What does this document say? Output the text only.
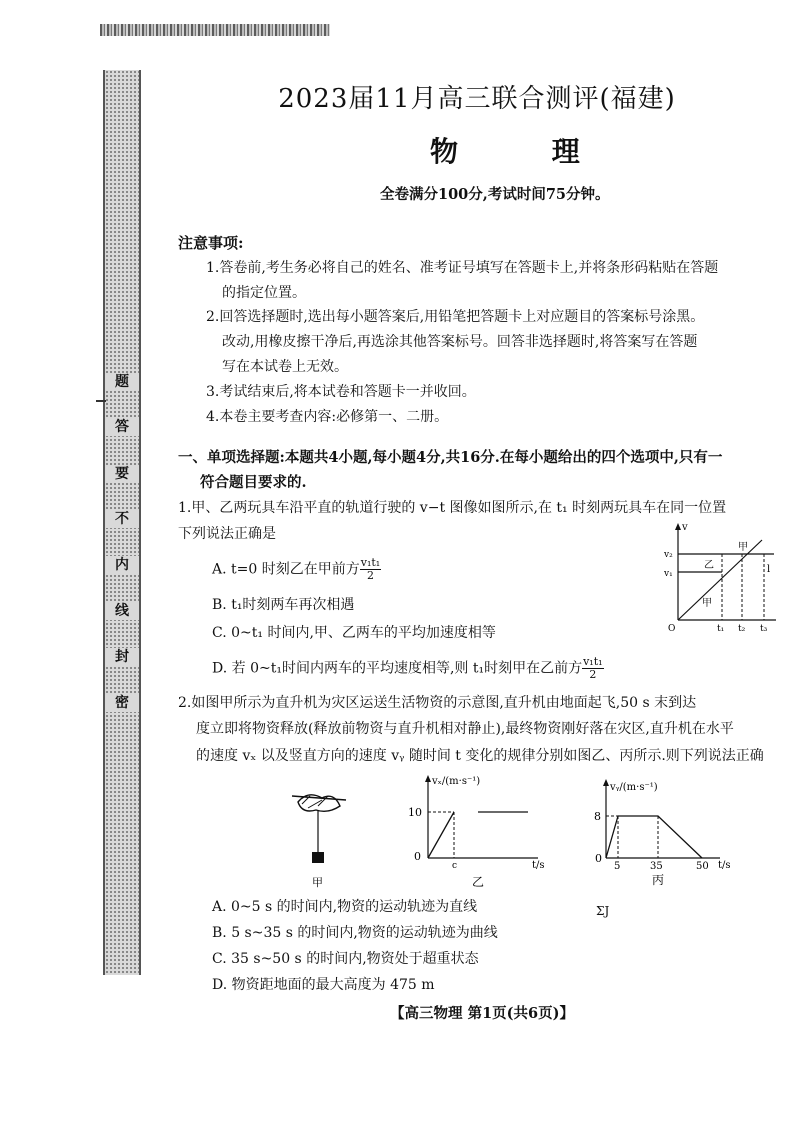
题
答
要
不
内
线
封
密
2023届11月高三联合测评(福建)
物 理
全卷满分100分,考试时间75分钟。
注意事项:
1.答卷前,考生务必将自己的姓名、准考证号填写在答题卡上,并将条形码粘贴在答题
的指定位置。
2.回答选择题时,选出每小题答案后,用铅笔把答题卡上对应题目的答案标号涂黑。
改动,用橡皮擦干净后,再选涂其他答案标号。回答非选择题时,将答案写在答题
写在本试卷上无效。
3.考试结束后,将本试卷和答题卡一并收回。
4.本卷主要考查内容:必修第一、二册。
一、单项选择题:本题共4小题,每小题4分,共16分.在每小题给出的四个选项中,只有一
符合题目要求的.
1.甲、乙两玩具车沿平直的轨道行驶的 v−t 图像如图所示,在 t₁ 时刻两玩具车在同一位置
下列说法正确是
A. t=0 时刻乙在甲前方 $\frac{\text{v₁t₁}}{2}$
B. t₁时刻两车再次相遇
C. 0~t₁ 时间内,甲、乙两车的平均加速度相等
D. 若 0~t₁时间内两车的平均速度相等,则 t₁时刻甲在乙前方 $\frac{\text{v₁t₁}}{2}$
v
v₂
v₁
乙
甲
O	t₁ t₂ t₃
甲
l
2.如图甲所示为直升机为灾区运送生活物资的示意图,直升机由地面起飞,50 s 末到达
度立即将物资释放(释放前物资与直升机相对静止),最终物资刚好落在灾区,直升机在水平
的速度 vₓ 以及竖直方向的速度 vᵧ 随时间 t 变化的规律分别如图乙、丙所示.则下列说法正确
甲
vₓ/(m·s⁻¹)
t/s
10
0
c
乙
vᵧ/(m·s⁻¹)
t/s
8
0
5	35	50
丙
ΣJ
A. 0~5 s 的时间内,物资的运动轨迹为直线
B. 5 s~35 s 的时间内,物资的运动轨迹为曲线
C. 35 s~50 s 的时间内,物资处于超重状态
D. 物资距地面的最大高度为 475 m
【高三物理 第1页(共6页)】
